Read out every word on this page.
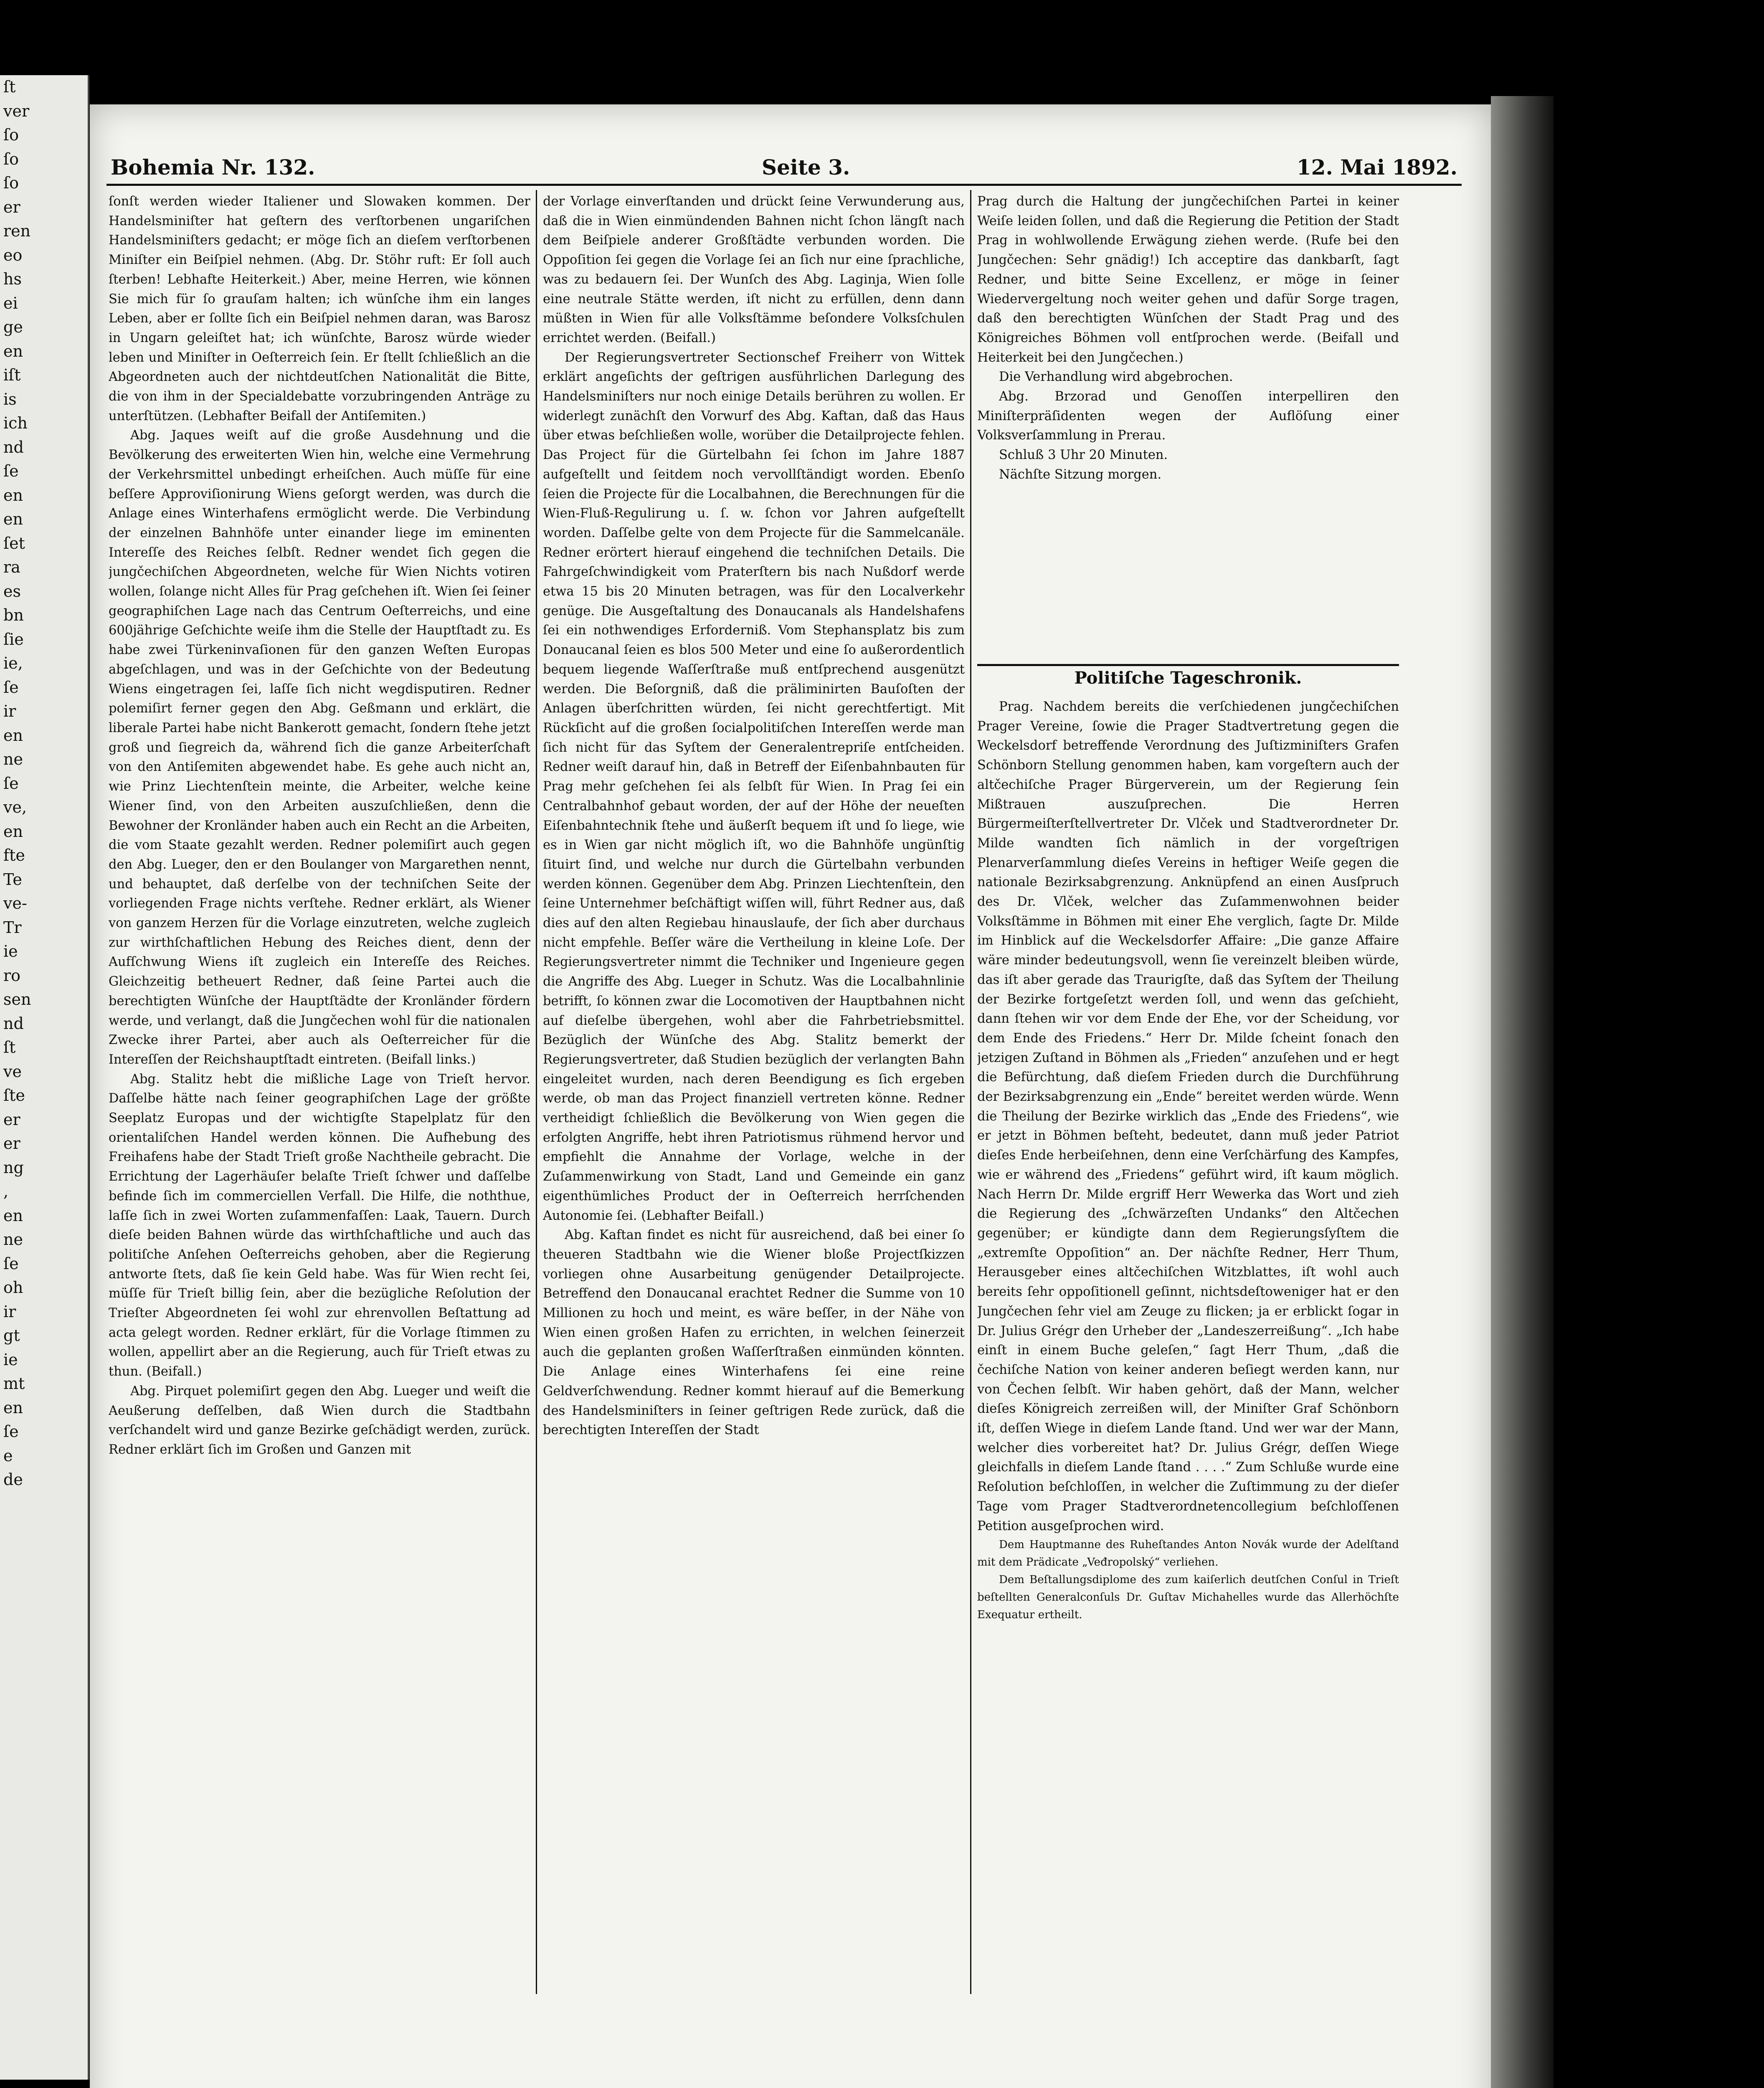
ſt
ver
ſo
ſo
ſo
er
ren
eo
hs
ei
ge
en
iſt
is
ich
nd
ſe
en
en
ſet
ra
es
bn
ſie
ie,
ſe
ir
en
ne
ſe
ve,
en
fte
Te
ve-
Tr
ie
ro
sen
nd
ſt
ve
ſte
er
er
ng
,
en
ne
ſe
oh
ir
gt
ie
mt
en
ſe
e
de
Bohemia Nr. 132.	Seite 3.	12. Mai 1892.

ſonſt werden wieder Italiener und Slowaken kommen. Der Handelsminiſter hat geſtern des verſtorbenen ungariſchen Handelsminiſters gedacht; er möge ſich an dieſem verſtorbenen Miniſter ein Beiſpiel nehmen. (Abg. Dr. Stöhr ruft: Er ſoll auch ſterben! Lebhafte Heiterkeit.) Aber, meine Herren, wie können Sie mich für ſo grauſam halten; ich wünſche ihm ein langes Leben, aber er ſollte ſich ein Beiſpiel nehmen daran, was Barosz in Ungarn geleiſtet hat; ich wünſchte, Barosz würde wieder leben und Miniſter in Oeſterreich ſein. Er ſtellt ſchließlich an die Abgeordneten auch der nichtdeutſchen Nationalität die Bitte, die von ihm in der Specialdebatte vorzubringenden Anträge zu unterſtützen. (Lebhafter Beifall der Antiſemiten.)

Abg. Jaques weiſt auf die große Ausdehnung und die Bevölkerung des erweiterten Wien hin, welche eine Vermehrung der Verkehrsmittel unbedingt erheiſchen. Auch müſſe für eine beſſere Approviſionirung Wiens geſorgt werden, was durch die Anlage eines Winterhafens ermöglicht werde. Die Verbindung der einzelnen Bahnhöfe unter einander liege im eminenten Intereſſe des Reiches ſelbſt. Redner wendet ſich gegen die jungčechiſchen Abgeordneten, welche für Wien Nichts votiren wollen, ſolange nicht Alles für Prag geſchehen iſt. Wien ſei ſeiner geographiſchen Lage nach das Centrum Oeſterreichs, und eine 600jährige Geſchichte weiſe ihm die Stelle der Hauptſtadt zu. Es habe zwei Türkeninvaſionen für den ganzen Weſten Europas abgeſchlagen, und was in der Geſchichte von der Bedeutung Wiens eingetragen ſei, laſſe ſich nicht wegdisputiren. Redner polemiſirt ferner gegen den Abg. Geßmann und erklärt, die liberale Partei habe nicht Bankerott gemacht, ſondern ſtehe jetzt groß und ſiegreich da, während ſich die ganze Arbeiterſchaft von den Antiſemiten abgewendet habe. Es gehe auch nicht an, wie Prinz Liechtenſtein meinte, die Arbeiter, welche keine Wiener ſind, von den Arbeiten auszuſchließen, denn die Bewohner der Kronländer haben auch ein Recht an die Arbeiten, die vom Staate gezahlt werden. Redner polemiſirt auch gegen den Abg. Lueger, den er den Boulanger von Margarethen nennt, und behauptet, daß derſelbe von der techniſchen Seite der vorliegenden Frage nichts verſtehe. Redner erklärt, als Wiener von ganzem Herzen für die Vorlage einzutreten, welche zugleich zur wirthſchaftlichen Hebung des Reiches dient, denn der Aufſchwung Wiens iſt zugleich ein Intereſſe des Reiches. Gleichzeitig betheuert Redner, daß ſeine Partei auch die berechtigten Wünſche der Hauptſtädte der Kronländer fördern werde, und verlangt, daß die Jungčechen wohl für die nationalen Zwecke ihrer Partei, aber auch als Oeſterreicher für die Intereſſen der Reichshauptſtadt eintreten. (Beifall links.)

Abg. Stalitz hebt die mißliche Lage von Trieſt hervor. Daſſelbe hätte nach ſeiner geographiſchen Lage der größte Seeplatz Europas und der wichtigſte Stapelplatz für den orientaliſchen Handel werden können. Die Aufhebung des Freihafens habe der Stadt Trieſt große Nachtheile gebracht. Die Errichtung der Lagerhäuſer belaſte Trieſt ſchwer und daſſelbe befinde ſich im commerciellen Verfall. Die Hilfe, die noththue, laſſe ſich in zwei Worten zuſammenfaſſen: Laak, Tauern. Durch dieſe beiden Bahnen würde das wirthſchaftliche und auch das politiſche Anſehen Oeſterreichs gehoben, aber die Regierung antworte ſtets, daß ſie kein Geld habe. Was für Wien recht ſei, müſſe für Trieſt billig ſein, aber die bezügliche Reſolution der Trieſter Abgeordneten ſei wohl zur ehrenvollen Beſtattung ad acta gelegt worden. Redner erklärt, für die Vorlage ſtimmen zu wollen, appellirt aber an die Regierung, auch für Trieſt etwas zu thun. (Beifall.)

Abg. Pirquet polemiſirt gegen den Abg. Lueger und weiſt die Aeußerung deſſelben, daß Wien durch die Stadtbahn verſchandelt wird und ganze Bezirke geſchädigt werden, zurück. Redner erklärt ſich im Großen und Ganzen mit

der Vorlage einverſtanden und drückt ſeine Verwunderung aus, daß die in Wien einmündenden Bahnen nicht ſchon längſt nach dem Beiſpiele anderer Großſtädte verbunden worden. Die Oppoſition ſei gegen die Vorlage ſei an ſich nur eine ſprachliche, was zu bedauern ſei. Der Wunſch des Abg. Laginja, Wien ſolle eine neutrale Stätte werden, iſt nicht zu erfüllen, denn dann müßten in Wien für alle Volksſtämme beſondere Volksſchulen errichtet werden. (Beifall.)

Der Regierungsvertreter Sectionschef Freiherr von Wittek erklärt angeſichts der geſtrigen ausführlichen Darlegung des Handelsminiſters nur noch einige Details berühren zu wollen. Er widerlegt zunächſt den Vorwurf des Abg. Kaftan, daß das Haus über etwas beſchließen wolle, worüber die Detailprojecte fehlen. Das Project für die Gürtelbahn ſei ſchon im Jahre 1887 aufgeſtellt und ſeitdem noch vervollſtändigt worden. Ebenſo ſeien die Projecte für die Localbahnen, die Berechnungen für die Wien-Fluß-Regulirung u. ſ. w. ſchon vor Jahren aufgeſtellt worden. Daſſelbe gelte von dem Projecte für die Sammelcanäle. Redner erörtert hierauf eingehend die techniſchen Details. Die Fahrgeſchwindigkeit vom Praterſtern bis nach Nußdorf werde etwa 15 bis 20 Minuten betragen, was für den Localverkehr genüge. Die Ausgeſtaltung des Donaucanals als Handelshafens ſei ein nothwendiges Erforderniß. Vom Stephansplatz bis zum Donaucanal ſeien es blos 500 Meter und eine ſo außerordentlich bequem liegende Waſſerſtraße muß entſprechend ausgenützt werden. Die Beſorgniß, daß die präliminirten Bauſoſten der Anlagen überſchritten würden, ſei nicht gerechtfertigt. Mit Rückſicht auf die großen ſocialpolitiſchen Intereſſen werde man ſich nicht für das Syſtem der Generalentrepriſe entſcheiden. Redner weiſt darauf hin, daß in Betreff der Eiſenbahnbauten für Prag mehr geſchehen ſei als ſelbſt für Wien. In Prag ſei ein Centralbahnhof gebaut worden, der auf der Höhe der neueſten Eiſenbahntechnik ſtehe und äußerſt bequem iſt und ſo liege, wie es in Wien gar nicht möglich iſt, wo die Bahnhöfe ungünſtig ſituirt ſind, und welche nur durch die Gürtelbahn verbunden werden können. Gegenüber dem Abg. Prinzen Liechtenſtein, den ſeine Unternehmer beſchäftigt wiſſen will, führt Redner aus, daß dies auf den alten Regiebau hinauslaufe, der ſich aber durchaus nicht empfehle. Beſſer wäre die Vertheilung in kleine Loſe. Der Regierungsvertreter nimmt die Techniker und Ingenieure gegen die Angriffe des Abg. Lueger in Schutz. Was die Localbahnlinie betrifft, ſo können zwar die Locomotiven der Hauptbahnen nicht auf dieſelbe übergehen, wohl aber die Fahrbetriebsmittel. Bezüglich der Wünſche des Abg. Stalitz bemerkt der Regierungsvertreter, daß Studien bezüglich der verlangten Bahn eingeleitet wurden, nach deren Beendigung es ſich ergeben werde, ob man das Project finanziell vertreten könne. Redner vertheidigt ſchließlich die Bevölkerung von Wien gegen die erfolgten Angriffe, hebt ihren Patriotismus rühmend hervor und empfiehlt die Annahme der Vorlage, welche in der Zuſammenwirkung von Stadt, Land und Gemeinde ein ganz eigenthümliches Product der in Oeſterreich herrſchenden Autonomie ſei. (Lebhafter Beifall.)

Abg. Kaftan findet es nicht für ausreichend, daß bei einer ſo theueren Stadtbahn wie die Wiener bloße Projectſkizzen vorliegen ohne Ausarbeitung genügender Detailprojecte. Betreffend den Donaucanal erachtet Redner die Summe von 10 Millionen zu hoch und meint, es wäre beſſer, in der Nähe von Wien einen großen Hafen zu errichten, in welchen ſeinerzeit auch die geplanten großen Waſſerſtraßen einmünden könnten. Die Anlage eines Winterhafens ſei eine reine Geldverſchwendung. Redner kommt hierauf auf die Bemerkung des Handelsminiſters in ſeiner geſtrigen Rede zurück, daß die berechtigten Intereſſen der Stadt

Prag durch die Haltung der jungčechiſchen Partei in keiner Weiſe leiden ſollen, und daß die Regierung die Petition der Stadt Prag in wohlwollende Erwägung ziehen werde. (Rufe bei den Jungčechen: Sehr gnädig!) Ich acceptire das dankbarſt, ſagt Redner, und bitte Seine Excellenz, er möge in ſeiner Wiedervergeltung noch weiter gehen und dafür Sorge tragen, daß den berechtigten Wünſchen der Stadt Prag und des Königreiches Böhmen voll entſprochen werde. (Beifall und Heiterkeit bei den Jungčechen.)

Die Verhandlung wird abgebrochen.

Abg. Brzorad und Genoſſen interpelliren den Miniſterpräſidenten wegen der Auflöſung einer Volksverſammlung in Prerau.

Schluß 3 Uhr 20 Minuten.

Nächſte Sitzung morgen.

Politiſche Tageschronik.

Prag. Nachdem bereits die verſchiedenen jungčechiſchen Prager Vereine, ſowie die Prager Stadtvertretung gegen die Weckelsdorf betreffende Verordnung des Juſtizminiſters Grafen Schönborn Stellung genommen haben, kam vorgeſtern auch der altčechiſche Prager Bürgerverein, um der Regierung ſein Mißtrauen auszuſprechen. Die Herren Bürgermeiſterſtellvertreter Dr. Vlček und Stadtverordneter Dr. Milde wandten ſich nämlich in der vorgeſtrigen Plenarverſammlung dieſes Vereins in heftiger Weiſe gegen die nationale Bezirksabgrenzung. Anknüpfend an einen Ausſpruch des Dr. Vlček, welcher das Zuſammenwohnen beider Volksſtämme in Böhmen mit einer Ehe verglich, ſagte Dr. Milde im Hinblick auf die Weckelsdorfer Affaire: „Die ganze Affaire wäre minder bedeutungsvoll, wenn ſie vereinzelt bleiben würde, das iſt aber gerade das Traurigſte, daß das Syſtem der Theilung der Bezirke fortgeſetzt werden ſoll, und wenn das geſchieht, dann ſtehen wir vor dem Ende der Ehe, vor der Scheidung, vor dem Ende des Friedens.“ Herr Dr. Milde ſcheint ſonach den jetzigen Zuſtand in Böhmen als „Frieden“ anzuſehen und er hegt die Befürchtung, daß dieſem Frieden durch die Durchführung der Bezirksabgrenzung ein „Ende“ bereitet werden würde. Wenn die Theilung der Bezirke wirklich das „Ende des Friedens“, wie er jetzt in Böhmen beſteht, bedeutet, dann muß jeder Patriot dieſes Ende herbeiſehnen, denn eine Verſchärfung des Kampfes, wie er während des „Friedens“ geführt wird, iſt kaum möglich. Nach Herrn Dr. Milde ergriff Herr Wewerka das Wort und zieh die Regierung des „ſchwärzeſten Undanks“ den Altčechen gegenüber; er kündigte dann dem Regierungsſyſtem die „extremſte Oppoſition“ an. Der nächſte Redner, Herr Thum, Herausgeber eines altčechiſchen Witzblattes, iſt wohl auch bereits ſehr oppoſitionell geſinnt, nichtsdeſtoweniger hat er den Jungčechen ſehr viel am Zeuge zu flicken; ja er erblickt ſogar in Dr. Julius Grégr den Urheber der „Landeszerreißung“. „Ich habe einſt in einem Buche geleſen,“ ſagt Herr Thum, „daß die čechiſche Nation von keiner anderen beſiegt werden kann, nur von Čechen ſelbſt. Wir haben gehört, daß der Mann, welcher dieſes Königreich zerreißen will, der Miniſter Graf Schönborn iſt, deſſen Wiege in dieſem Lande ſtand. Und wer war der Mann, welcher dies vorbereitet hat? Dr. Julius Grégr, deſſen Wiege gleichfalls in dieſem Lande ſtand . . . .“ Zum Schluße wurde eine Reſolution beſchloſſen, in welcher die Zuſtimmung zu der dieſer Tage vom Prager Stadtverordnetencollegium beſchloſſenen Petition ausgeſprochen wird.

Dem Hauptmanne des Ruheſtandes Anton Novák wurde der Adelſtand mit dem Prädicate „Veđropolský“ verliehen.

Dem Beſtallungsdiplome des zum kaiſerlich deutſchen Conſul in Trieſt beſtellten Generalconſuls Dr. Guſtav Michahelles wurde das Allerhöchſte Exequatur ertheilt.
